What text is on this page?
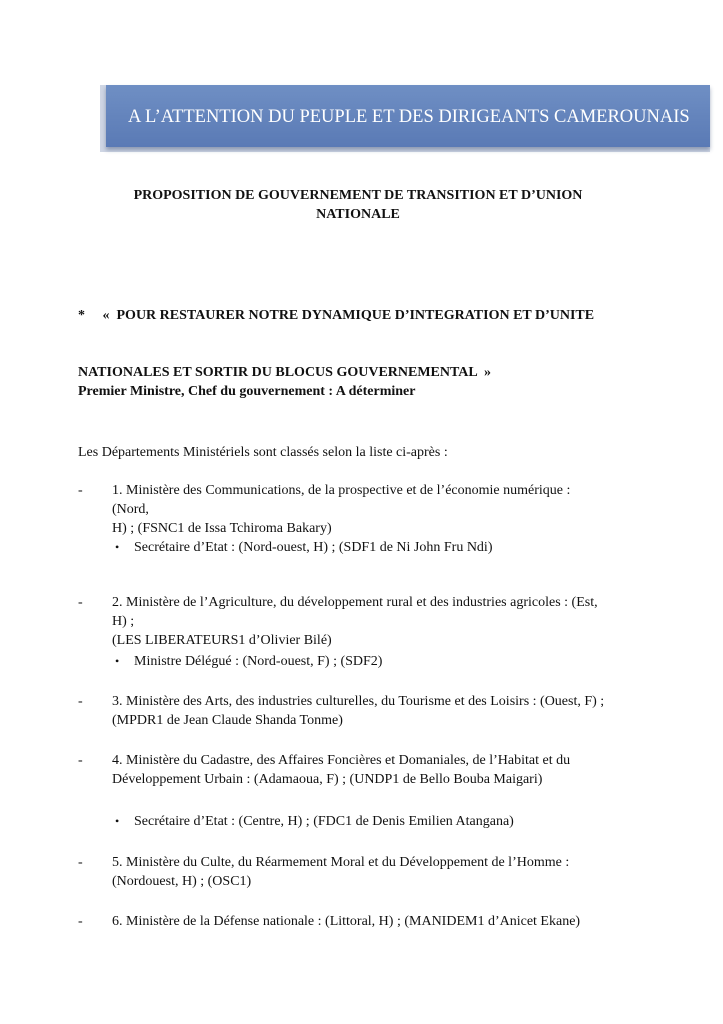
A L’ATTENTION DU PEUPLE ET DES DIRIGEANTS CAMEROUNAIS
PROPOSITION DE GOUVERNEMENT DE TRANSITION ET D’UNION
NATIONALE

*     «  POUR RESTAURER NOTRE DYNAMIQUE D’INTEGRATION ET D’UNITE

NATIONALES ET SORTIR DU BLOCUS GOUVERNEMENTAL  »

Premier Ministre, Chef du gouvernement : A déterminer

Les Départements Ministériels sont classés selon la liste ci-après :

- 1. Ministère des Communications, de la prospective et de l’économie numérique :
(Nord,
H) ; (FSNC1 de Issa Tchiroma Bakary)
• Secrétaire d’Etat : (Nord-ouest, H) ; (SDF1 de Ni John Fru Ndi)

- 2. Ministère de l’Agriculture, du développement rural et des industries agricoles : (Est,
H) ;
(LES LIBERATEURS1 d’Olivier Bilé)
• Ministre Délégué : (Nord-ouest, F) ; (SDF2)

- 3. Ministère des Arts, des industries culturelles, du Tourisme et des Loisirs : (Ouest, F) ;
(MPDR1 de Jean Claude Shanda Tonme)
- 4. Ministère du Cadastre, des Affaires Foncières et Domaniales, de l’Habitat et du
Développement Urbain : (Adamaoua, F) ; (UNDP1 de Bello Bouba Maigari)
• Secrétaire d’Etat : (Centre, H) ; (FDC1 de Denis Emilien Atangana)

- 5. Ministère du Culte, du Réarmement Moral et du Développement de l’Homme :
(Nordouest, H) ; (OSC1)
- 6. Ministère de la Défense nationale : (Littoral, H) ; (MANIDEM1 d’Anicet Ekane)
